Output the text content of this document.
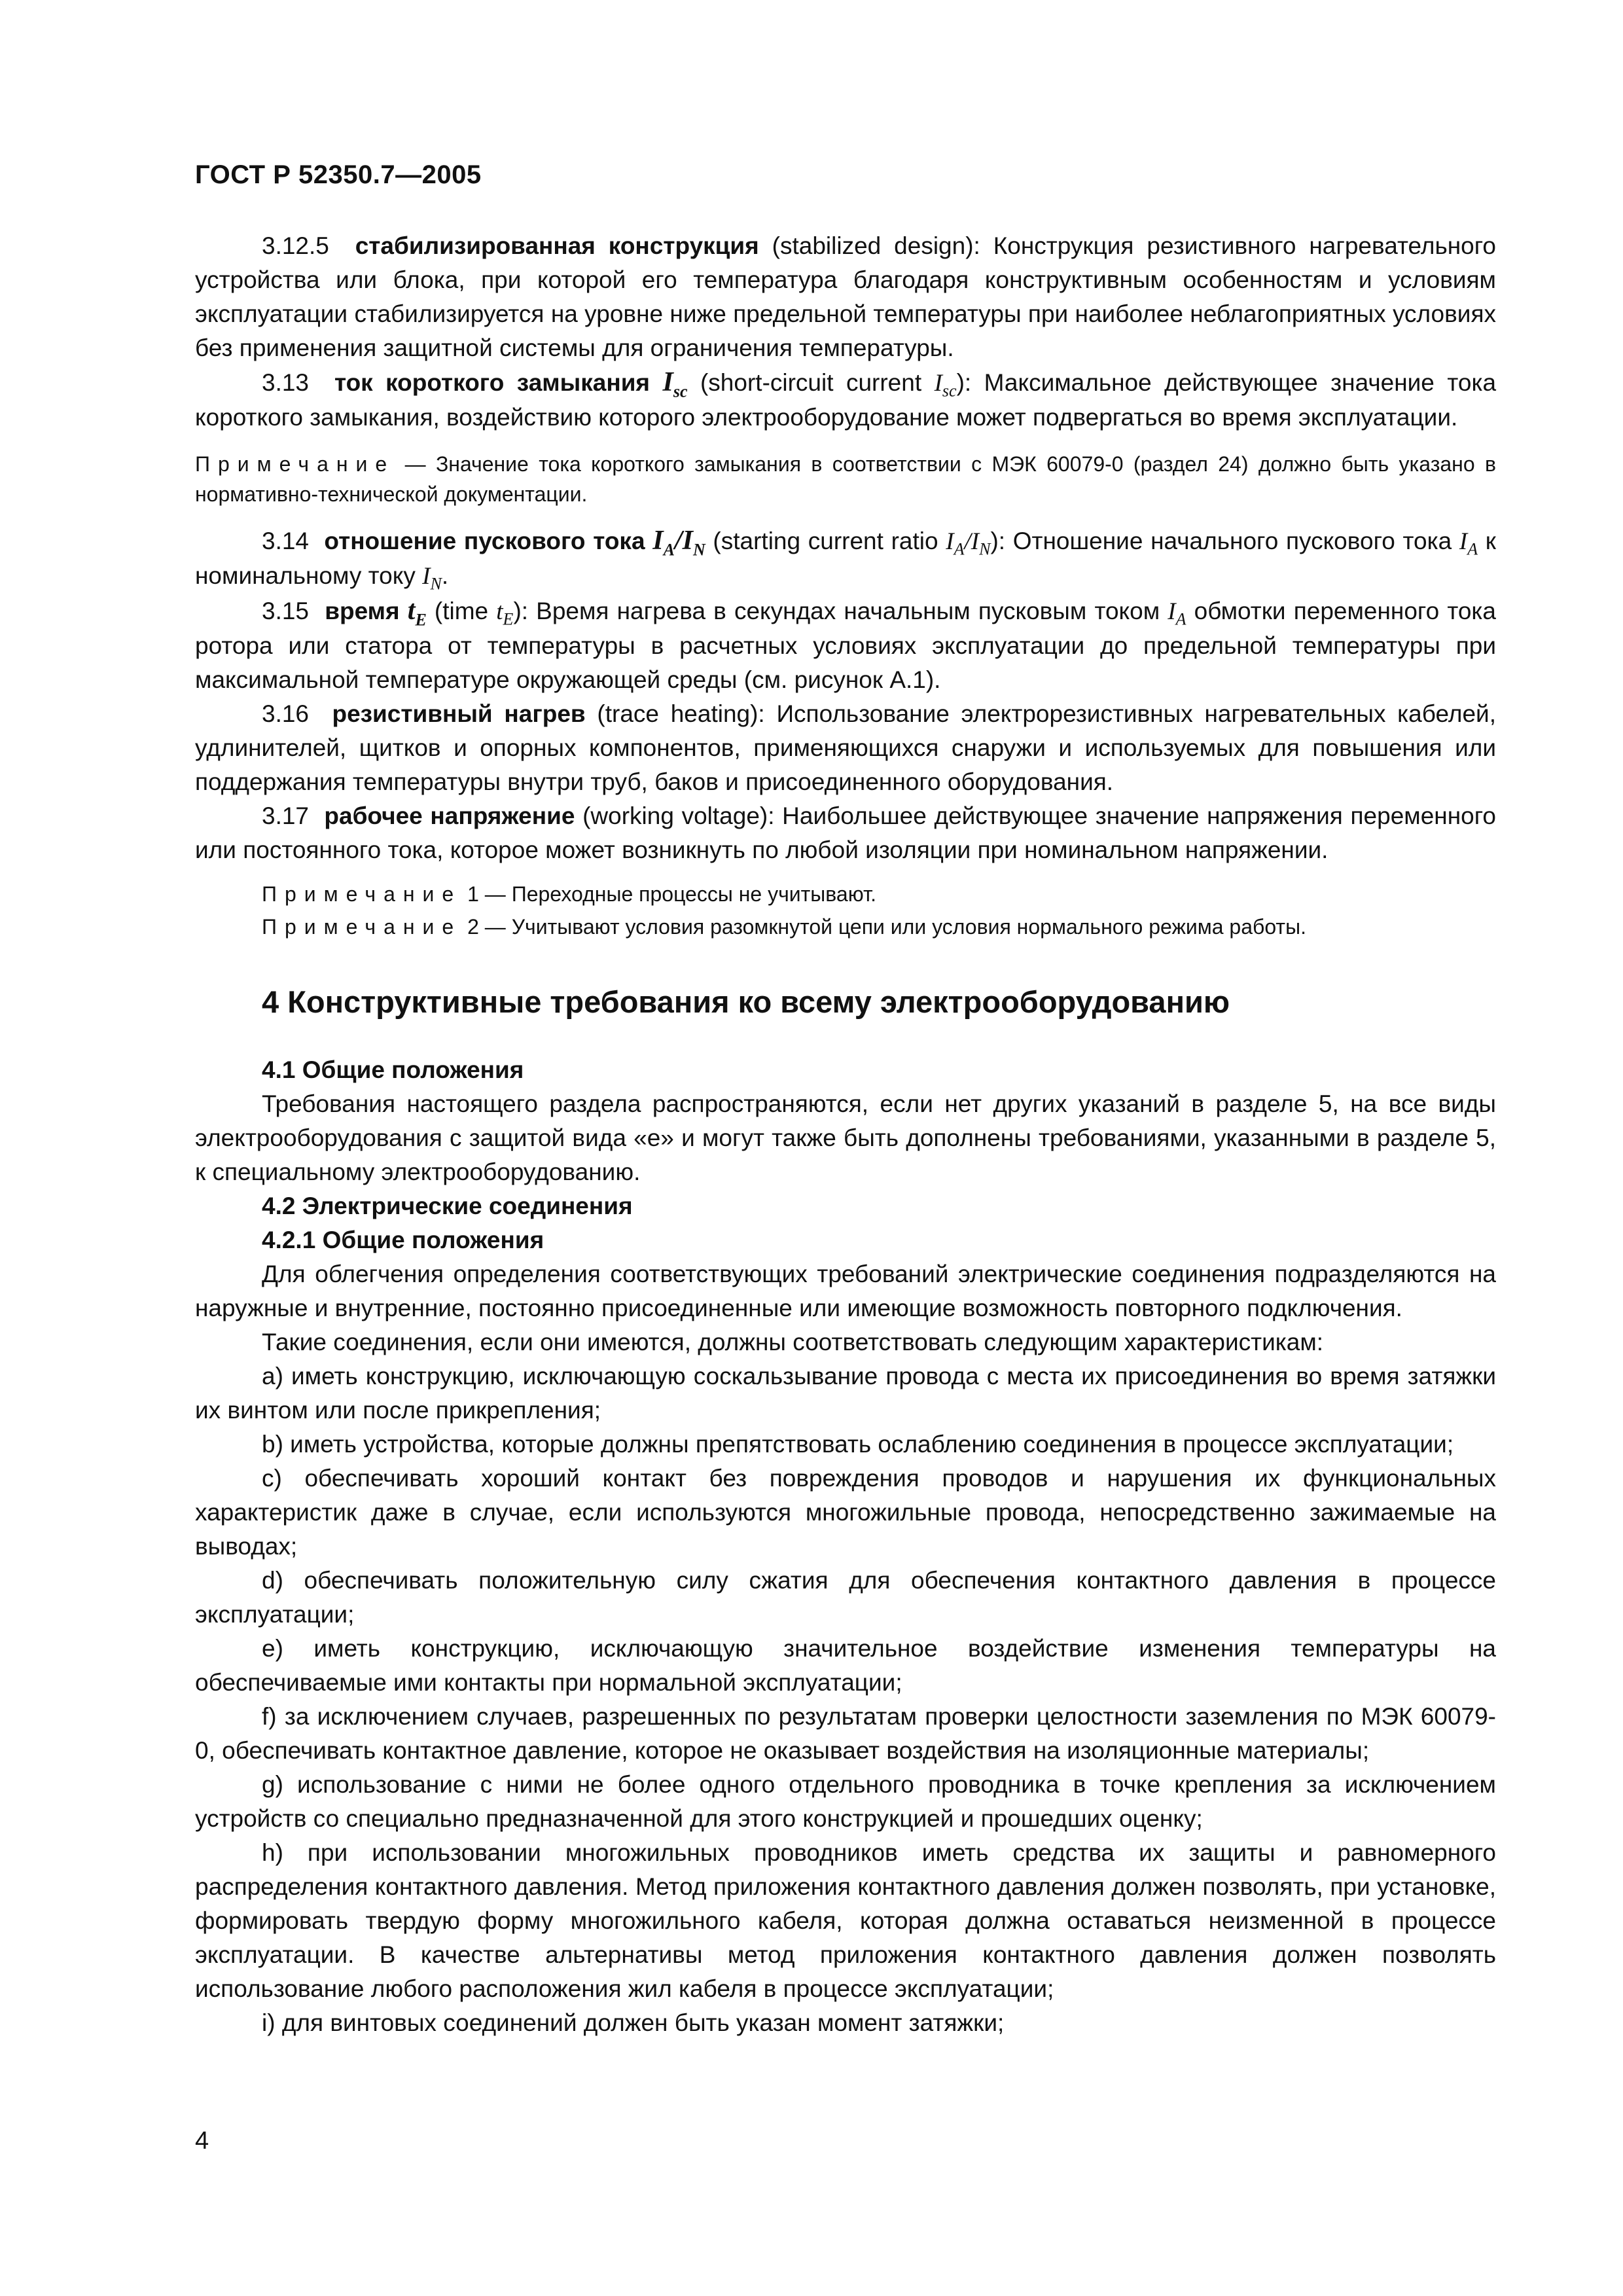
ГОСТ Р 52350.7—2005

3.12.5 стабилизированная конструкция (stabilized design): Конструкция резистивного нагревательного устройства или блока, при которой его температура благодаря конструктивным особенностям и условиям эксплуатации стабилизируется на уровне ниже предельной температуры при наиболее неблагоприятных условиях без применения защитной системы для ограничения температуры.

3.13 ток короткого замыкания $I_{sc}$ (short-circuit current $I_{sc}$): Максимальное действующее значение тока короткого замыкания, воздействию которого электрооборудование может подвергаться во время эксплуатации.

Примечание — Значение тока короткого замыкания в соответствии с МЭК 60079-0 (раздел 24) должно быть указано в нормативно-технической документации.

3.14 отношение пускового тока $I_A/I_N$ (starting current ratio $I_A/I_N$): Отношение начального пускового тока $I_A$ к номинальному току $I_N$.

3.15 время $t_E$ (time $t_E$): Время нагрева в секундах начальным пусковым током $I_A$ обмотки переменного тока ротора или статора от температуры в расчетных условиях эксплуатации до предельной температуры при максимальной температуре окружающей среды (см. рисунок А.1).

3.16 резистивный нагрев (trace heating): Использование электрорезистивных нагревательных кабелей, удлинителей, щитков и опорных компонентов, применяющихся снаружи и используемых для повышения или поддержания температуры внутри труб, баков и присоединенного оборудования.

3.17 рабочее напряжение (working voltage): Наибольшее действующее значение напряжения переменного или постоянного тока, которое может возникнуть по любой изоляции при номинальном напряжении.

Примечание 1 — Переходные процессы не учитывают.
Примечание 2 — Учитывают условия разомкнутой цепи или условия нормального режима работы.
4 Конструктивные требования ко всему электрооборудованию
4.1 Общие положения

Требования настоящего раздела распространяются, если нет других указаний в разделе 5, на все виды электрооборудования с защитой вида «е» и могут также быть дополнены требованиями, указанными в разделе 5, к специальному электрооборудованию.

4.2 Электрические соединения
4.2.1 Общие положения

Для облегчения определения соответствующих требований электрические соединения подразделяются на наружные и внутренние, постоянно присоединенные или имеющие возможность повторного подключения.

Такие соединения, если они имеются, должны соответствовать следующим характеристикам:

а) иметь конструкцию, исключающую соскальзывание провода с места их присоединения во время затяжки их винтом или после прикрепления;

b) иметь устройства, которые должны препятствовать ослаблению соединения в процессе эксплуатации;

c) обеспечивать хороший контакт без повреждения проводов и нарушения их функциональных характеристик даже в случае, если используются многожильные провода, непосредственно зажимаемые на выводах;

d) обеспечивать положительную силу сжатия для обеспечения контактного давления в процессе эксплуатации;

е) иметь конструкцию, исключающую значительное воздействие изменения температуры на обеспечиваемые ими контакты при нормальной эксплуатации;

f) за исключением случаев, разрешенных по результатам проверки целостности заземления по МЭК 60079-0, обеспечивать контактное давление, которое не оказывает воздействия на изоляционные материалы;

g) использование с ними не более одного отдельного проводника в точке крепления за исключением устройств со специально предназначенной для этого конструкцией и прошедших оценку;

h) при использовании многожильных проводников иметь средства их защиты и равномерного распределения контактного давления. Метод приложения контактного давления должен позволять, при установке, формировать твердую форму многожильного кабеля, которая должна оставаться неизменной в процессе эксплуатации. В качестве альтернативы метод приложения контактного давления должен позволять использование любого расположения жил кабеля в процессе эксплуатации;

i) для винтовых соединений должен быть указан момент затяжки;

4
